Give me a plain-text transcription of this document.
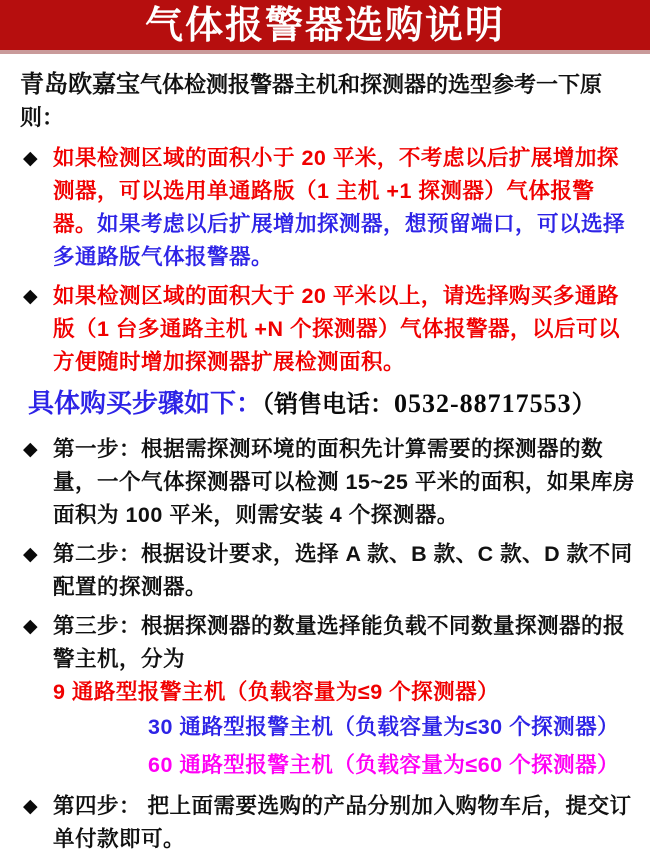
气体报警器选购说明

青岛欧嘉宝气体检测报警器主机和探测器的选型参考一下原则：

◆ 如果检测区域的面积小于 20 平米，不考虑以后扩展增加探测器，可以选用单通路版（1 主机 +1 探测器）气体报警器。如果考虑以后扩展增加探测器，想预留端口，可以选择多通路版气体报警器。
◆ 如果检测区域的面积大于 20 平米以上，请选择购买多通路版（1 台多通路主机 +N 个探测器）气体报警器，以后可以方便随时增加探测器扩展检测面积。
具体购买步骤如下：（销售电话：0532-88717553）
◆ 第一步：根据需探测环境的面积先计算需要的探测器的数量，一个气体探测器可以检测 15~25 平米的面积，如果库房面积为 100 平米，则需安装 4 个探测器。
◆ 第二步：根据设计要求，选择 A 款、B 款、C 款、D 款不同配置的探测器。
◆ 第三步：根据探测器的数量选择能负载不同数量探测器的报警主机，分为 9 通路型报警主机（负载容量为≤9 个探测器）
30 通路型报警主机（负载容量为≤30 个探测器）
60 通路型报警主机（负载容量为≤60 个探测器）
◆ 第四步： 把上面需要选购的产品分别加入购物车后，提交订单付款即可。
